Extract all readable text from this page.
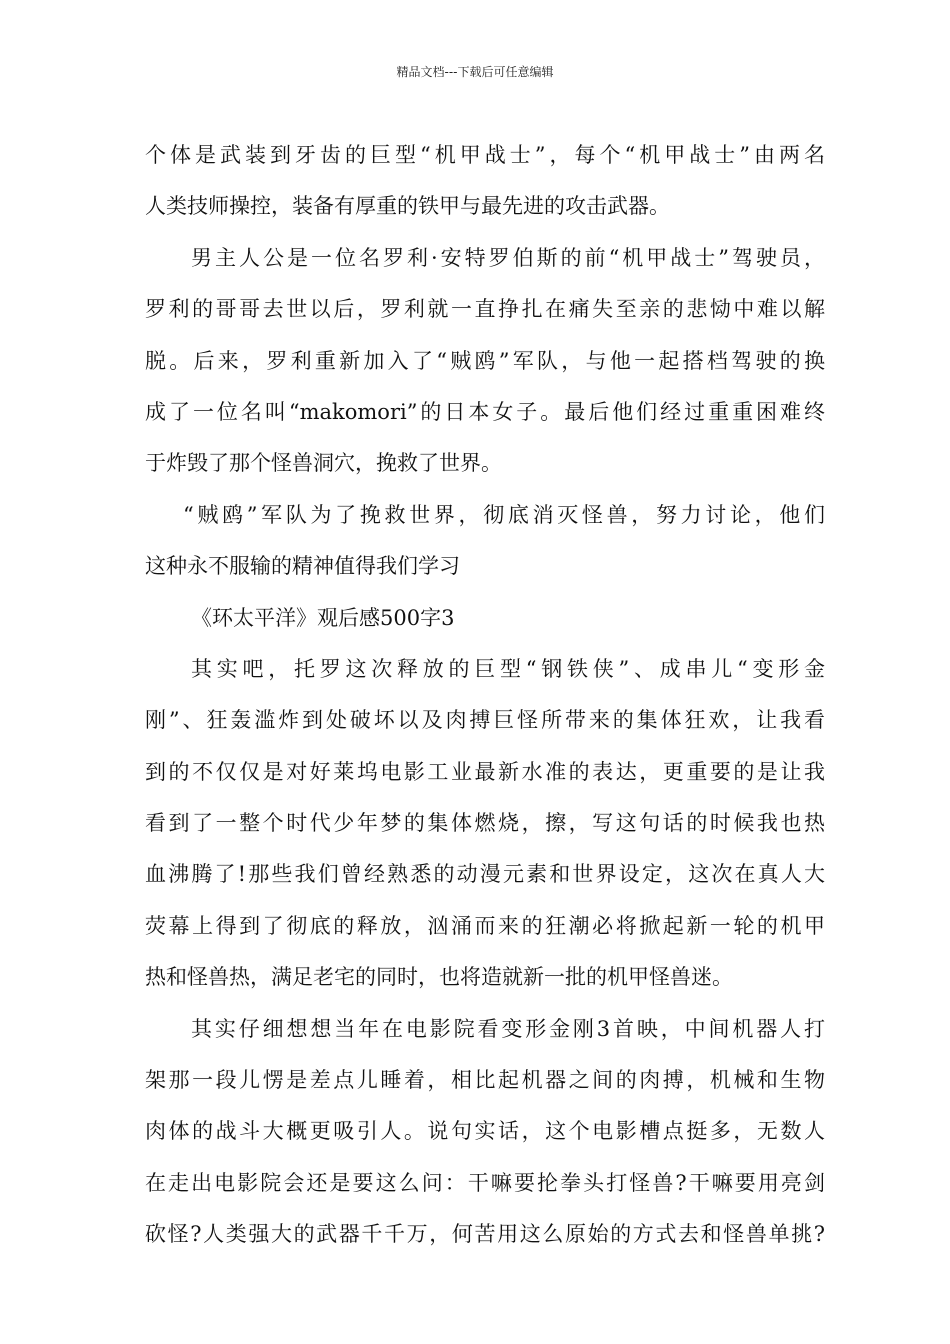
精品文档---下载后可任意编辑
个体是武装到牙齿的巨型“机甲战士”，每个“机甲战士”由两名
人类技师操控，装备有厚重的铁甲与最先进的攻击武器。
男主人公是一位名罗利·安特罗伯斯的前“机甲战士”驾驶员，
罗利的哥哥去世以后，罗利就一直挣扎在痛失至亲的悲恸中难以解
脱。后来，罗利重新加入了“贼鸥”军队，与他一起搭档驾驶的换
成了一位名叫“makomori”的日本女子。最后他们经过重重困难终
于炸毁了那个怪兽洞穴，挽救了世界。
“贼鸥”军队为了挽救世界，彻底消灭怪兽，努力讨论，他们
这种永不服输的精神值得我们学习
《环太平洋》观后感500字3
其实吧，托罗这次释放的巨型“钢铁侠”、成串儿“变形金
刚”、狂轰滥炸到处破坏以及肉搏巨怪所带来的集体狂欢，让我看
到的不仅仅是对好莱坞电影工业最新水准的表达，更重要的是让我
看到了一整个时代少年梦的集体燃烧，擦，写这句话的时候我也热
血沸腾了!那些我们曾经熟悉的动漫元素和世界设定，这次在真人大
荧幕上得到了彻底的释放，汹涌而来的狂潮必将掀起新一轮的机甲
热和怪兽热，满足老宅的同时，也将造就新一批的机甲怪兽迷。
其实仔细想想当年在电影院看变形金刚3首映，中间机器人打
架那一段儿愣是差点儿睡着，相比起机器之间的肉搏，机械和生物
肉体的战斗大概更吸引人。说句实话，这个电影槽点挺多，无数人
在走出电影院会还是要这么问：干嘛要抡拳头打怪兽?干嘛要用亮剑
砍怪?人类强大的武器千千万，何苦用这么原始的方式去和怪兽单挑?
